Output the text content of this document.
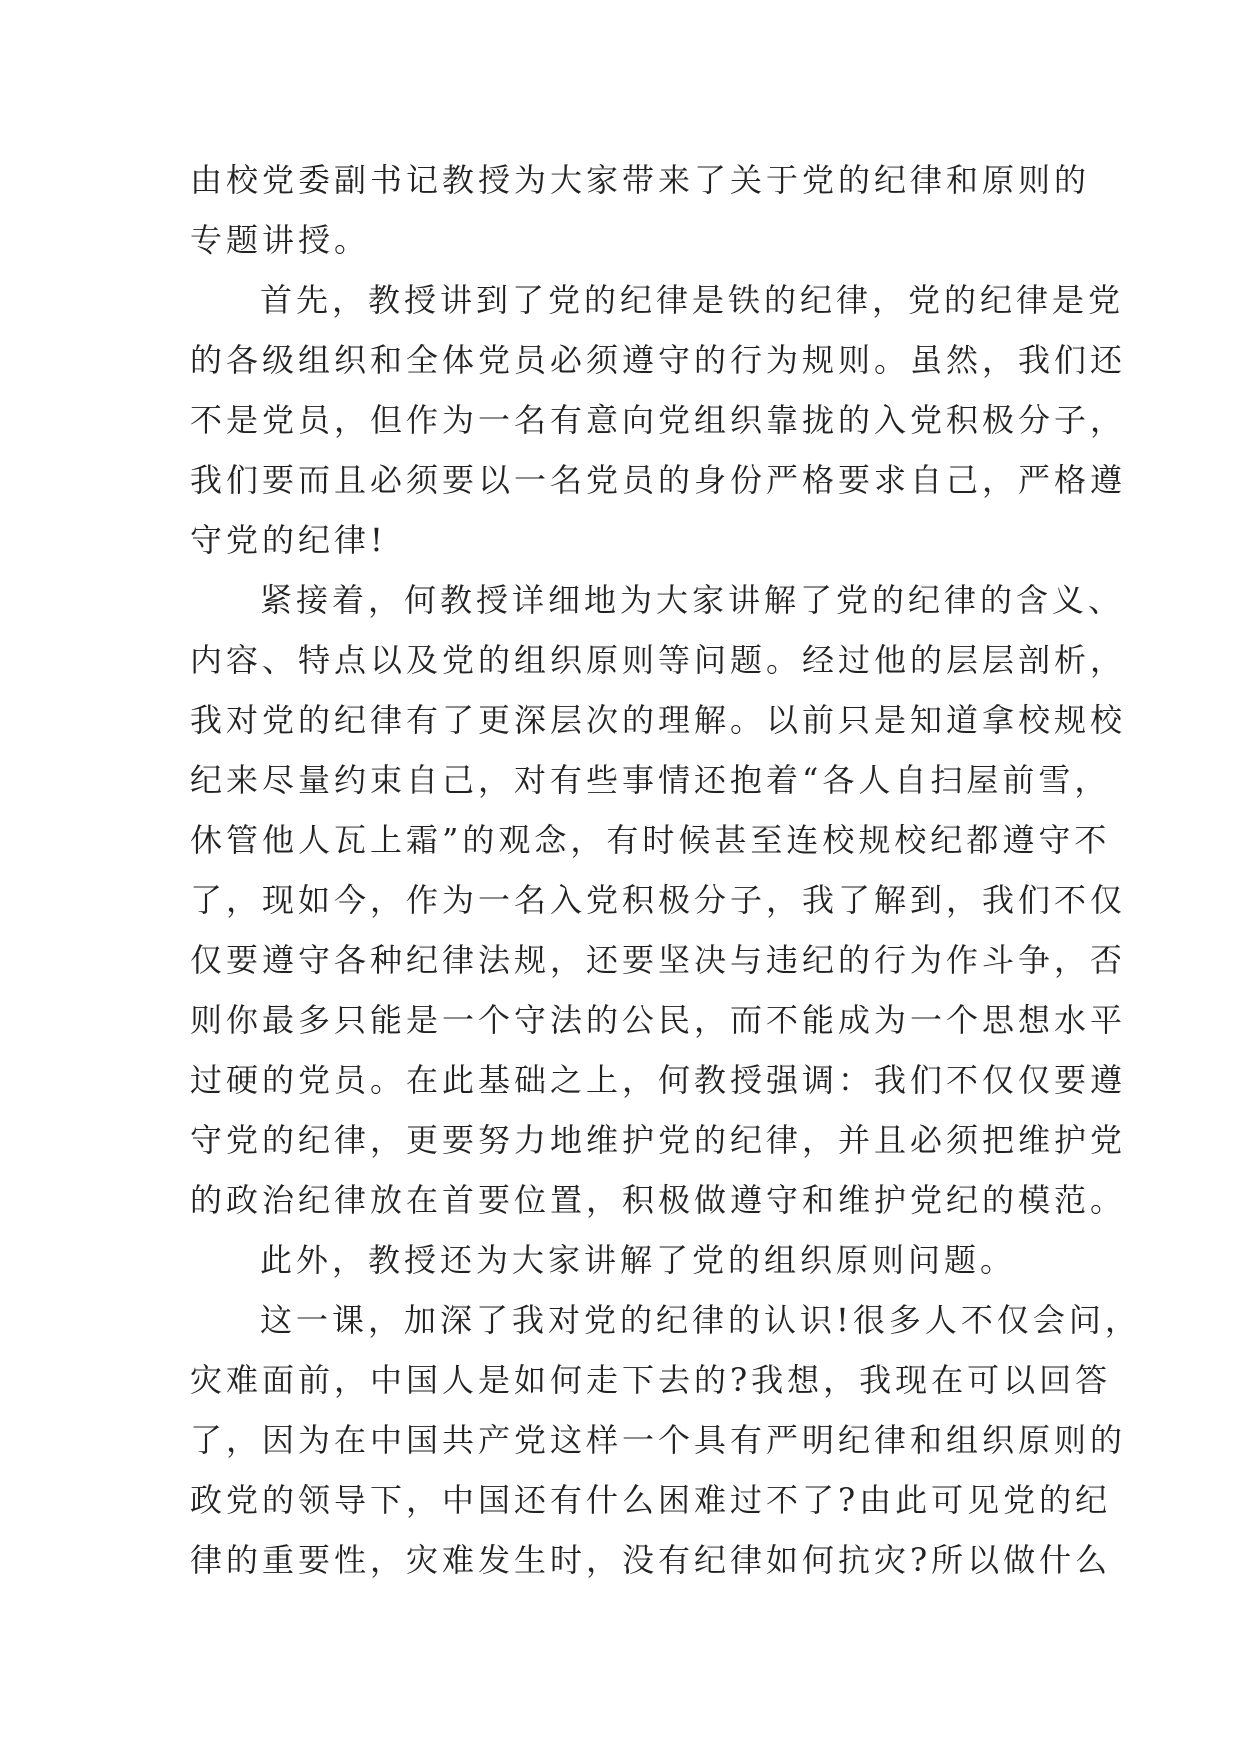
由校党委副书记教授为大家带来了关于党的纪律和原则的
专题讲授。
首先，教授讲到了党的纪律是铁的纪律，党的纪律是党
的各级组织和全体党员必须遵守的行为规则。虽然，我们还
不是党员，但作为一名有意向党组织靠拢的入党积极分子，
我们要而且必须要以一名党员的身份严格要求自己，严格遵
守党的纪律!
紧接着，何教授详细地为大家讲解了党的纪律的含义、
内容、特点以及党的组织原则等问题。经过他的层层剖析，
我对党的纪律有了更深层次的理解。以前只是知道拿校规校
纪来尽量约束自己，对有些事情还抱着“各人自扫屋前雪，
休管他人瓦上霜”的观念，有时候甚至连校规校纪都遵守不
了，现如今，作为一名入党积极分子，我了解到，我们不仅
仅要遵守各种纪律法规，还要坚决与违纪的行为作斗争，否
则你最多只能是一个守法的公民，而不能成为一个思想水平
过硬的党员。在此基础之上，何教授强调：我们不仅仅要遵
守党的纪律，更要努力地维护党的纪律，并且必须把维护党
的政治纪律放在首要位置，积极做遵守和维护党纪的模范。
此外，教授还为大家讲解了党的组织原则问题。
这一课，加深了我对党的纪律的认识!很多人不仅会问，
灾难面前，中国人是如何走下去的?我想，我现在可以回答
了，因为在中国共产党这样一个具有严明纪律和组织原则的
政党的领导下，中国还有什么困难过不了?由此可见党的纪
律的重要性，灾难发生时，没有纪律如何抗灾?所以做什么
